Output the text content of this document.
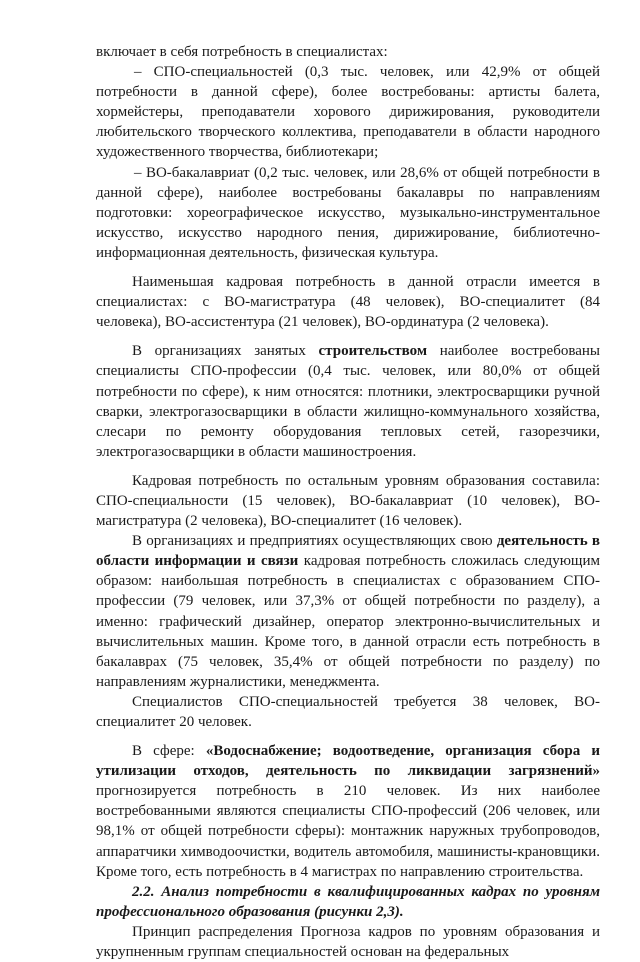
включает в себя потребность в специалистах:

– СПО-специальностей (0,3 тыс. человек, или 42,9% от общей потребности в данной сфере), более востребованы: артисты балета, хормейстеры, преподаватели хорового дирижирования, руководители любительского творческого коллектива, преподаватели в области народного художественного творчества, библиотекари;

– ВО-бакалавриат (0,2 тыс. человек, или 28,6% от общей потребности в данной сфере), наиболее востребованы бакалавры по направлениям подготовки: хореографическое искусство, музыкально-инструментальное искусство, искусство народного пения, дирижирование, библиотечно-информационная деятельность, физическая культура.

Наименьшая кадровая потребность в данной отрасли имеется в специалистах: с ВО-магистратура (48 человек), ВО-специалитет (84 человека), ВО-ассистентура (21 человек), ВО-ординатура (2 человека).

В организациях занятых строительством наиболее востребованы специалисты СПО-профессии (0,4 тыс. человек, или 80,0% от общей потребности по сфере), к ним относятся: плотники, электросварщики ручной сварки, электрогазосварщики в области жилищно-коммунального хозяйства, слесари по ремонту оборудования тепловых сетей, газорезчики, электрогазосварщики в области машиностроения.

Кадровая потребность по остальным уровням образования составила: СПО-специальности (15 человек), ВО-бакалавриат (10 человек), ВО-магистратура (2 человека), ВО-специалитет (16 человек).

В организациях и предприятиях осуществляющих свою деятельность в области информации и связи кадровая потребность сложилась следующим образом: наибольшая потребность в специалистах с образованием СПО-профессии (79 человек, или 37,3% от общей потребности по разделу), а именно: графический дизайнер, оператор электронно-вычислительных и вычислительных машин. Кроме того, в данной отрасли есть потребность в бакалаврах (75 человек, 35,4% от общей потребности по разделу) по направлениям журналистики, менеджмента.

Специалистов СПО-специальностей требуется 38 человек, ВО-специалитет 20 человек.

В сфере: «Водоснабжение; водоотведение, организация сбора и утилизации отходов, деятельность по ликвидации загрязнений» прогнозируется потребность в 210 человек. Из них наиболее востребованными являются специалисты СПО-профессий (206 человек, или 98,1% от общей потребности сферы): монтажник наружных трубопроводов, аппаратчики химводоочистки, водитель автомобиля, машинисты-крановщики. Кроме того, есть потребность в 4 магистрах по направлению строительства.

2.2. Анализ потребности в квалифицированных кадрах по уровням профессионального образования (рисунки 2,3).

Принцип распределения Прогноза кадров по уровням образования и укрупненным группам специальностей основан на федеральных
